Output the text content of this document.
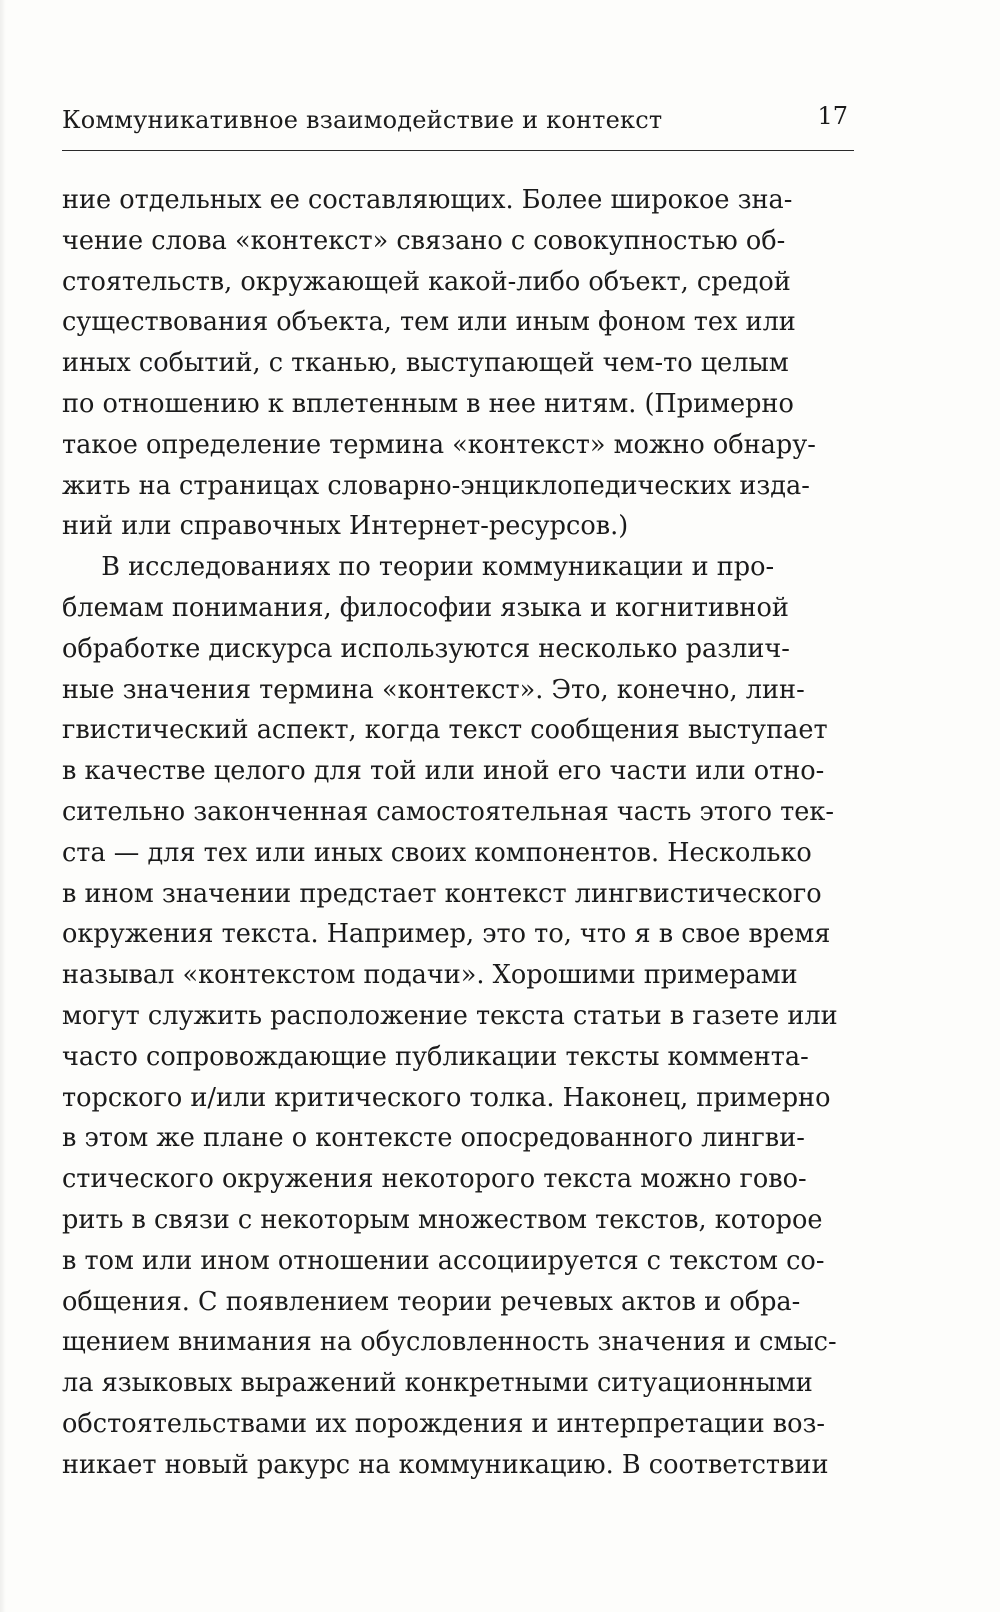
Коммуникативное взаимодействие и контекст	17
ние отдельных ее составляющих. Более широкое зна-
чение слова «контекст» связано с совокупностью об-
стоятельств, окружающей какой-либо объект, средой
существования объекта, тем или иным фоном тех или
иных событий, с тканью, выступающей чем-то целым
по отношению к вплетенным в нее нитям. (Примерно
такое определение термина «контекст» можно обнару-
жить на страницах словарно-энциклопедических изда-
ний или справочных Интернет-ресурсов.)
В исследованиях по теории коммуникации и про-
блемам понимания, философии языка и когнитивной
обработке дискурса используются несколько различ-
ные значения термина «контекст». Это, конечно, лин-
гвистический аспект, когда текст сообщения выступает
в качестве целого для той или иной его части или отно-
сительно законченная самостоятельная часть этого тек-
ста — для тех или иных своих компонентов. Несколько
в ином значении предстает контекст лингвистического
окружения текста. Например, это то, что я в свое время
называл «контекстом подачи». Хорошими примерами
могут служить расположение текста статьи в газете или
часто сопровождающие публикации тексты коммента-
торского и/или критического толка. Наконец, примерно
в этом же плане о контексте опосредованного лингви-
стического окружения некоторого текста можно гово-
рить в связи с некоторым множеством текстов, которое
в том или ином отношении ассоциируется с текстом со-
общения. С появлением теории речевых актов и обра-
щением внимания на обусловленность значения и смыс-
ла языковых выражений конкретными ситуационными
обстоятельствами их порождения и интерпретации воз-
никает новый ракурс на коммуникацию. В соответствии
